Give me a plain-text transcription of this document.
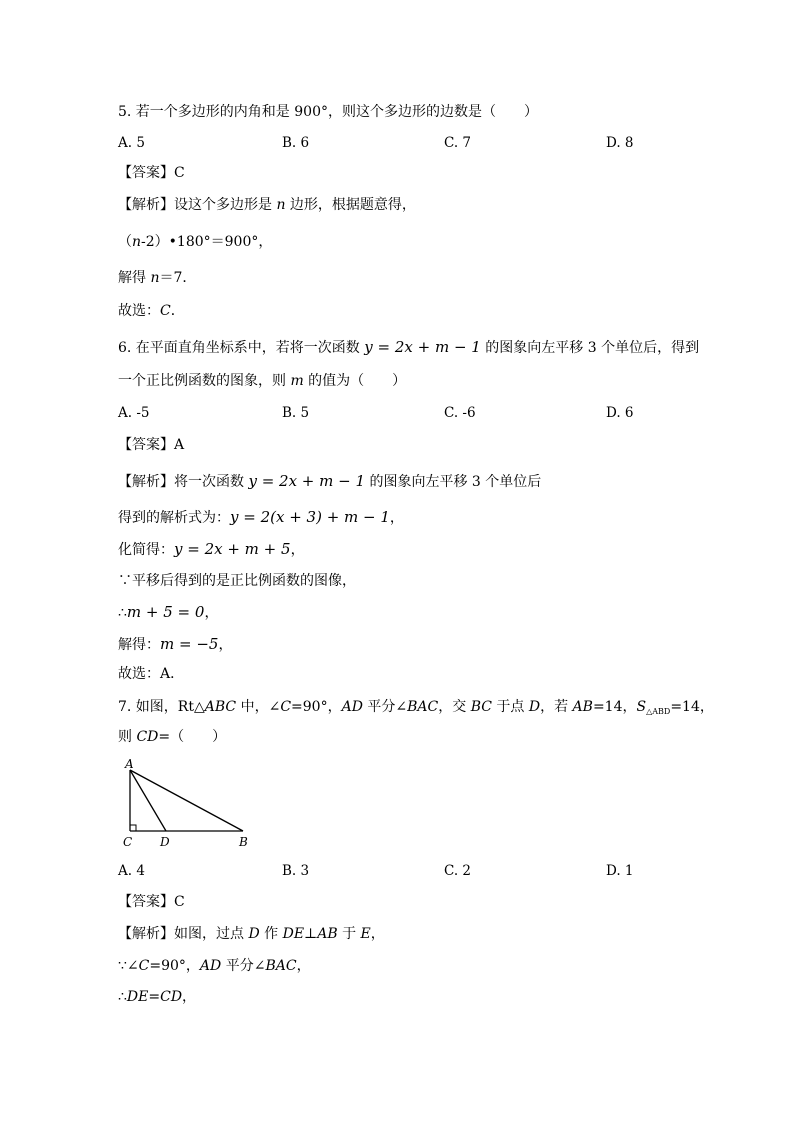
5. 若一个多边形的内角和是 900°，则这个多边形的边数是（　　）
A. 5	B. 6	C. 7	D. 8
【答案】C
【解析】设这个多边形是 n 边形，根据题意得，
（n-2）•180°＝900°，
解得 n＝7．
故选：C．
6. 在平面直角坐标系中，若将一次函数 y = 2x + m − 1 的图象向左平移 3 个单位后，得到
一个正比例函数的图象，则 m 的值为（　　）
A. -5	B. 5	C. -6	D. 6
【答案】A
【解析】将一次函数 y = 2x + m − 1 的图象向左平移 3 个单位后
得到的解析式为：y = 2(x + 3) + m − 1，
化简得：y = 2x + m + 5，
∵平移后得到的是正比例函数的图像，
∴m + 5 = 0，
解得：m = −5，
故选：A．
7. 如图，Rt△ABC 中，∠C=90°，AD 平分∠BAC，交 BC 于点 D，若 AB=14，$S_{\triangle ABD}=14$，
则 CD=（　　）
A
C D	B
A. 4	B. 3	C. 2	D. 1
【答案】C
【解析】如图，过点 D 作 DE⊥AB 于 E，
∵∠C=90°，AD 平分∠BAC，
∴DE=CD，
